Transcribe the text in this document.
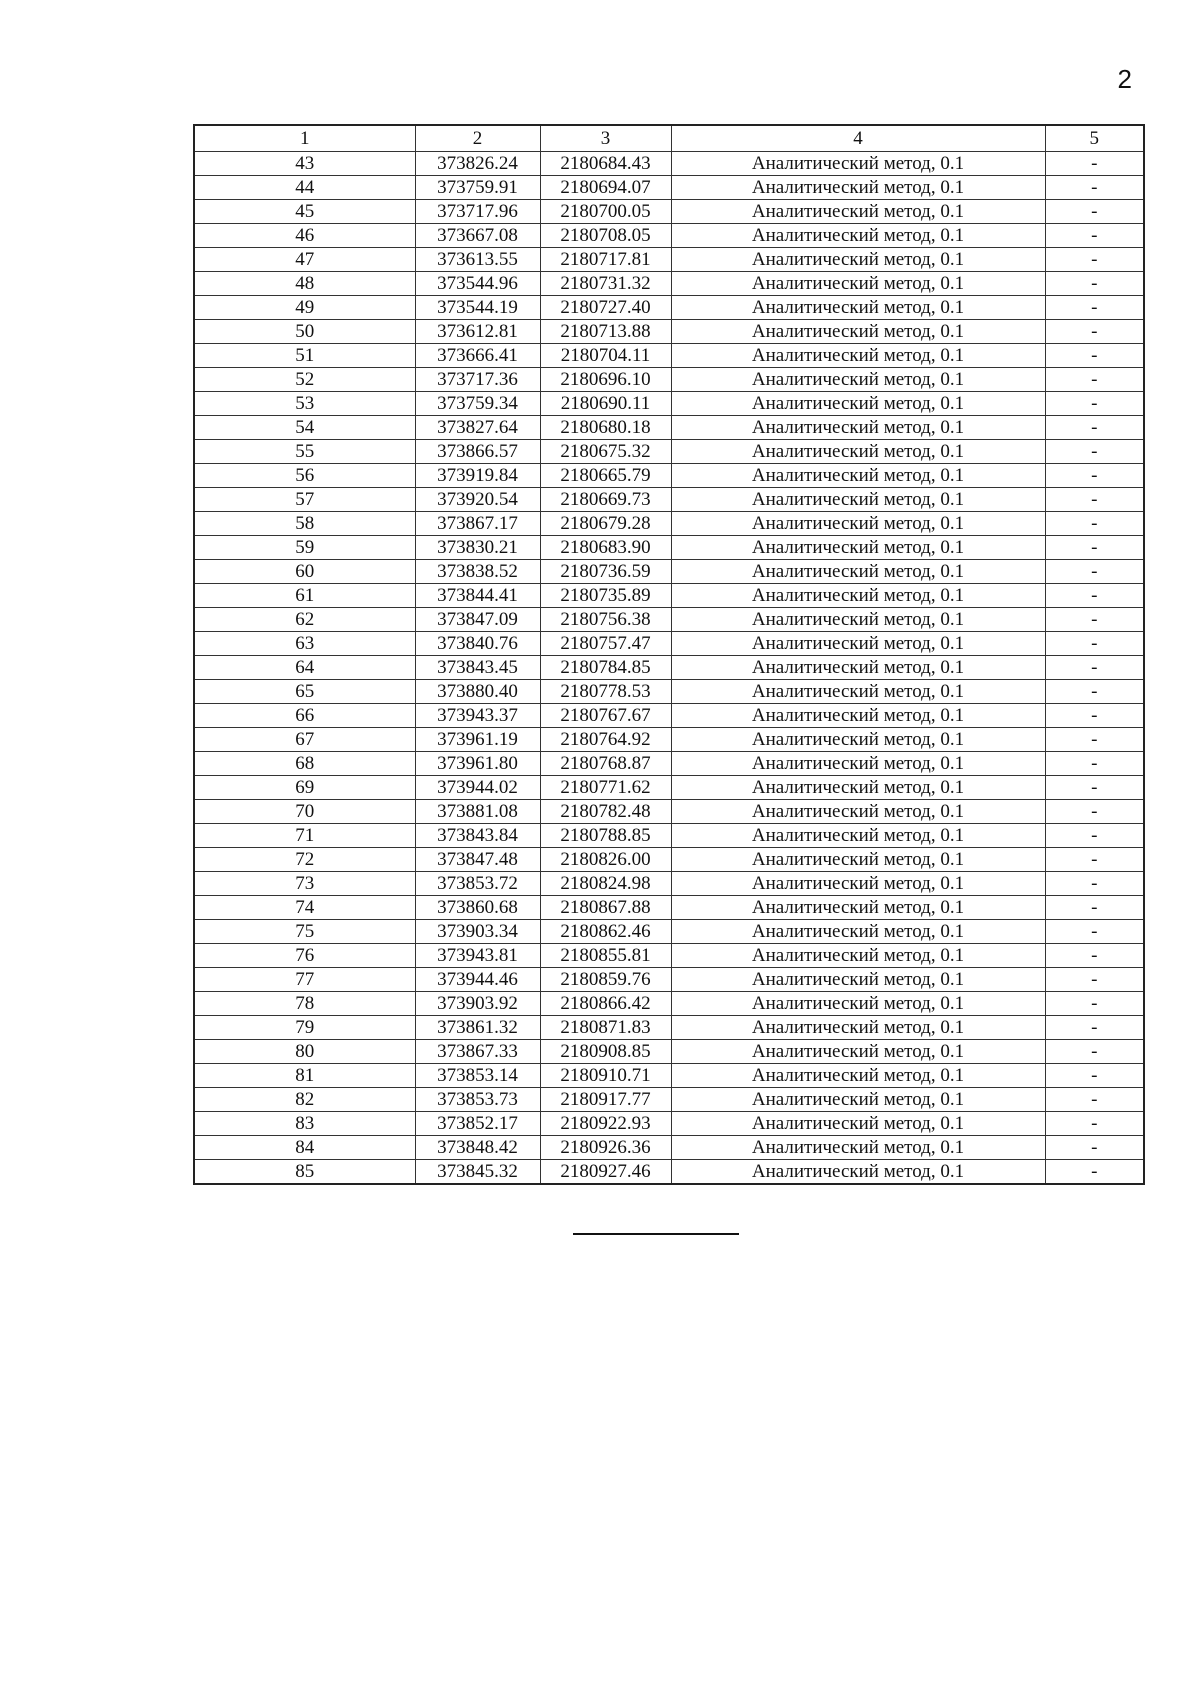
2
1	2	3	4	5
43	373826.24	2180684.43	Аналитический метод, 0.1	-
44	373759.91	2180694.07	Аналитический метод, 0.1	-
45	373717.96	2180700.05	Аналитический метод, 0.1	-
46	373667.08	2180708.05	Аналитический метод, 0.1	-
47	373613.55	2180717.81	Аналитический метод, 0.1	-
48	373544.96	2180731.32	Аналитический метод, 0.1	-
49	373544.19	2180727.40	Аналитический метод, 0.1	-
50	373612.81	2180713.88	Аналитический метод, 0.1	-
51	373666.41	2180704.11	Аналитический метод, 0.1	-
52	373717.36	2180696.10	Аналитический метод, 0.1	-
53	373759.34	2180690.11	Аналитический метод, 0.1	-
54	373827.64	2180680.18	Аналитический метод, 0.1	-
55	373866.57	2180675.32	Аналитический метод, 0.1	-
56	373919.84	2180665.79	Аналитический метод, 0.1	-
57	373920.54	2180669.73	Аналитический метод, 0.1	-
58	373867.17	2180679.28	Аналитический метод, 0.1	-
59	373830.21	2180683.90	Аналитический метод, 0.1	-
60	373838.52	2180736.59	Аналитический метод, 0.1	-
61	373844.41	2180735.89	Аналитический метод, 0.1	-
62	373847.09	2180756.38	Аналитический метод, 0.1	-
63	373840.76	2180757.47	Аналитический метод, 0.1	-
64	373843.45	2180784.85	Аналитический метод, 0.1	-
65	373880.40	2180778.53	Аналитический метод, 0.1	-
66	373943.37	2180767.67	Аналитический метод, 0.1	-
67	373961.19	2180764.92	Аналитический метод, 0.1	-
68	373961.80	2180768.87	Аналитический метод, 0.1	-
69	373944.02	2180771.62	Аналитический метод, 0.1	-
70	373881.08	2180782.48	Аналитический метод, 0.1	-
71	373843.84	2180788.85	Аналитический метод, 0.1	-
72	373847.48	2180826.00	Аналитический метод, 0.1	-
73	373853.72	2180824.98	Аналитический метод, 0.1	-
74	373860.68	2180867.88	Аналитический метод, 0.1	-
75	373903.34	2180862.46	Аналитический метод, 0.1	-
76	373943.81	2180855.81	Аналитический метод, 0.1	-
77	373944.46	2180859.76	Аналитический метод, 0.1	-
78	373903.92	2180866.42	Аналитический метод, 0.1	-
79	373861.32	2180871.83	Аналитический метод, 0.1	-
80	373867.33	2180908.85	Аналитический метод, 0.1	-
81	373853.14	2180910.71	Аналитический метод, 0.1	-
82	373853.73	2180917.77	Аналитический метод, 0.1	-
83	373852.17	2180922.93	Аналитический метод, 0.1	-
84	373848.42	2180926.36	Аналитический метод, 0.1	-
85	373845.32	2180927.46	Аналитический метод, 0.1	-
